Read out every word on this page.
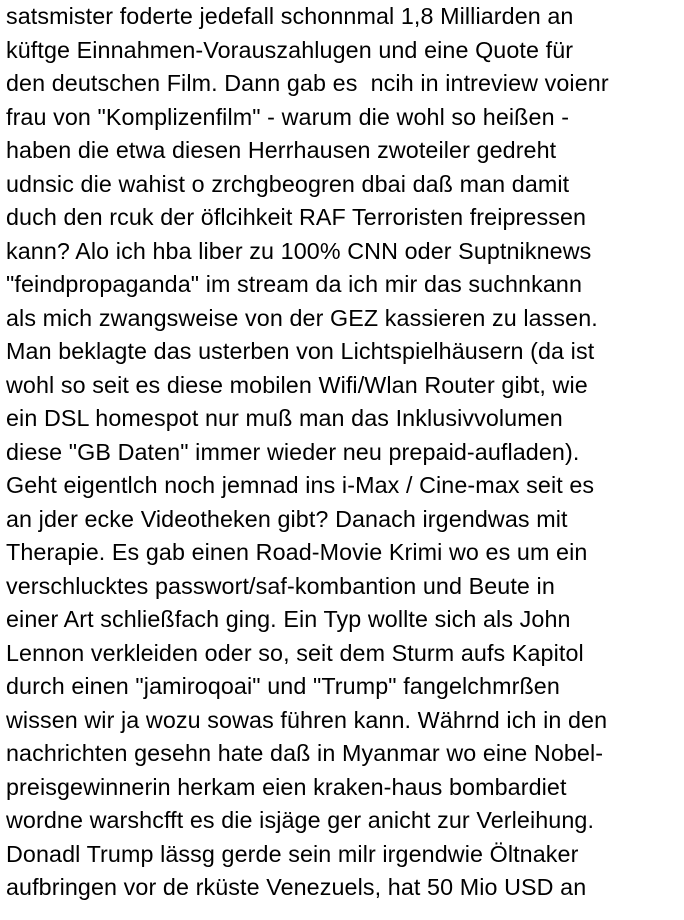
satsmister foderte jedefall schonnmal 1,8 Milliarden an
küftge Einnahmen-Vorauszahlugen und eine Quote für
den deutschen Film. Dann gab es  ncih in intreview voienr
frau von "Komplizenfilm" - warum die wohl so heißen -
haben die etwa diesen Herrhausen zwoteiler gedreht
udnsic die wahist o zrchgbeogren dbai daß man damit
duch den rcuk der öflcihkeit RAF Terroristen freipressen
kann? Alo ich hba liber zu 100% CNN oder Suptniknews
"feindpropaganda" im stream da ich mir das suchnkann
als mich zwangsweise von der GEZ kassieren zu lassen.
Man beklagte das usterben von Lichtspielhäusern (da ist
wohl so seit es diese mobilen Wifi/Wlan Router gibt, wie
ein DSL homespot nur muß man das Inklusivvolumen
diese "GB Daten" immer wieder neu prepaid-aufladen).
Geht eigentlch noch jemnad ins i-Max / Cine-max seit es
an jder ecke Videotheken gibt? Danach irgendwas mit
Therapie. Es gab einen Road-Movie Krimi wo es um ein
verschlucktes passwort/saf-kombantion und Beute in
einer Art schließfach ging. Ein Typ wollte sich als John
Lennon verkleiden oder so, seit dem Sturm aufs Kapitol
durch einen "jamiroqoai" und "Trump" fangelchmrßen
wissen wir ja wozu sowas führen kann. Währnd ich in den
nachrichten gesehn hate daß in Myanmar wo eine Nobel-
preisgewinnerin herkam eien kraken-haus bombardiet
wordne warshcfft es die isjäge ger anicht zur Verleihung.
Donadl Trump lässg gerde sein milr irgendwie Öltnaker
aufbringen vor de rküste Venezuels, hat 50 Mio USD an
